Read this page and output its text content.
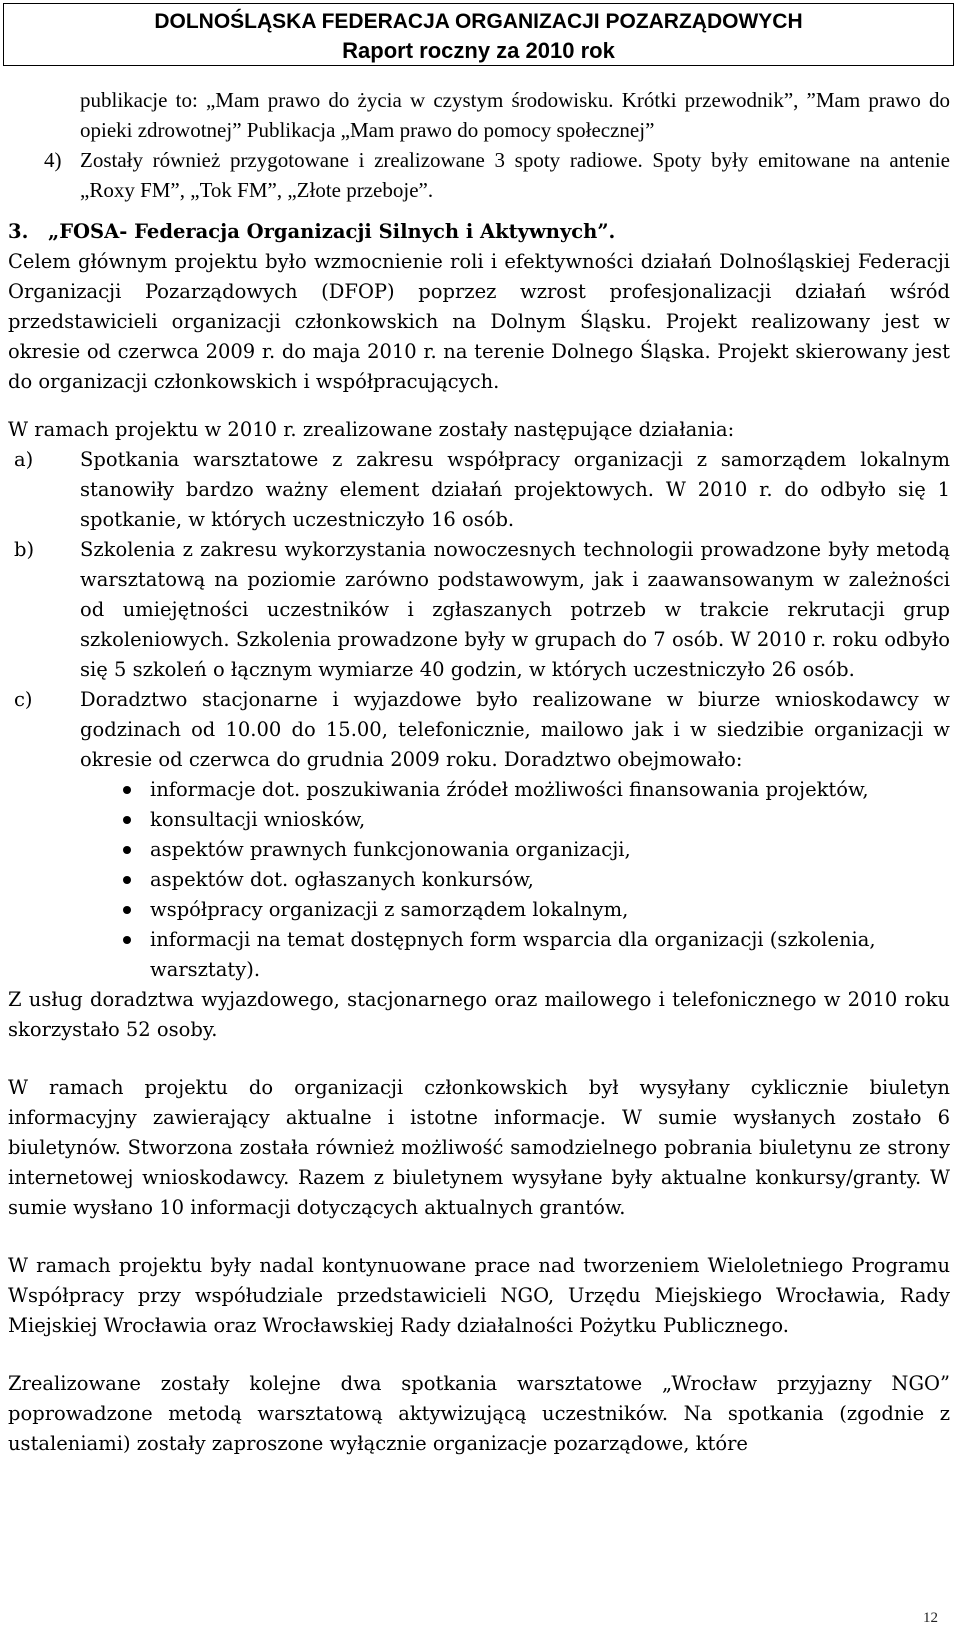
DOLNOŚLĄSKA FEDERACJA ORGANIZACJI POZARZĄDOWYCH
Raport roczny za 2010 rok
publikacje to: „Mam prawo do życia w czystym środowisku. Krótki przewodnik”, ”Mam prawo do opieki zdrowotnej” Publikacja „Mam prawo do pomocy społecznej”
4) Zostały również przygotowane i zrealizowane 3 spoty radiowe. Spoty były emitowane na antenie „Roxy FM”, „Tok FM”, „Złote przeboje”.
3. „FOSA- Federacja Organizacji Silnych i Aktywnych”.
Celem głównym projektu było wzmocnienie roli i efektywności działań Dolnośląskiej Federacji Organizacji Pozarządowych (DFOP) poprzez wzrost profesjonalizacji działań wśród przedstawicieli organizacji członkowskich na Dolnym Śląsku. Projekt realizowany jest w okresie od czerwca 2009 r. do maja 2010 r. na terenie Dolnego Śląska. Projekt skierowany jest do organizacji członkowskich i współpracujących.
W ramach projektu w 2010 r. zrealizowane zostały następujące działania:
a) Spotkania warsztatowe z zakresu współpracy organizacji z samorządem lokalnym stanowiły bardzo ważny element działań projektowych. W 2010 r. do odbyło się 1 spotkanie, w których uczestniczyło 16 osób.
b) Szkolenia z zakresu wykorzystania nowoczesnych technologii prowadzone były metodą warsztatową na poziomie zarówno podstawowym, jak i zaawansowanym w zależności od umiejętności uczestników i zgłaszanych potrzeb w trakcie rekrutacji grup szkoleniowych. Szkolenia prowadzone były w grupach do 7 osób. W 2010 r. roku odbyło się 5 szkoleń o łącznym wymiarze 40 godzin, w których uczestniczyło 26 osób.
c) Doradztwo stacjonarne i wyjazdowe było realizowane w biurze wnioskodawcy w godzinach od 10.00 do 15.00, telefonicznie, mailowo jak i w siedzibie organizacji w okresie od czerwca do grudnia 2009 roku. Doradztwo obejmowało:
informacje dot. poszukiwania źródeł możliwości finansowania projektów,
konsultacji wniosków,
aspektów prawnych funkcjonowania organizacji,
aspektów dot. ogłaszanych konkursów,
współpracy organizacji z samorządem lokalnym,
informacji na temat dostępnych form wsparcia dla organizacji (szkolenia, warsztaty).
Z usług doradztwa wyjazdowego, stacjonarnego oraz mailowego i telefonicznego w 2010 roku skorzystało 52 osoby.
W ramach projektu do organizacji członkowskich był wysyłany cyklicznie biuletyn informacyjny zawierający aktualne i istotne informacje. W sumie wysłanych zostało 6 biuletynów. Stworzona została również możliwość samodzielnego pobrania biuletynu ze strony internetowej wnioskodawcy. Razem z biuletynem wysyłane były aktualne konkursy/granty. W sumie wysłano 10 informacji dotyczących aktualnych grantów.
W ramach projektu były nadal kontynuowane prace nad tworzeniem Wieloletniego Programu Współpracy przy współudziale przedstawicieli NGO, Urzędu Miejskiego Wrocławia, Rady Miejskiej Wrocławia oraz Wrocławskiej Rady działalności Pożytku Publicznego.
Zrealizowane zostały kolejne dwa spotkania warsztatowe „Wrocław przyjazny NGO” poprowadzone metodą warsztatową aktywizującą uczestników. Na spotkania (zgodnie z ustaleniami) zostały zaproszone wyłącznie organizacje pozarządowe, które
12
